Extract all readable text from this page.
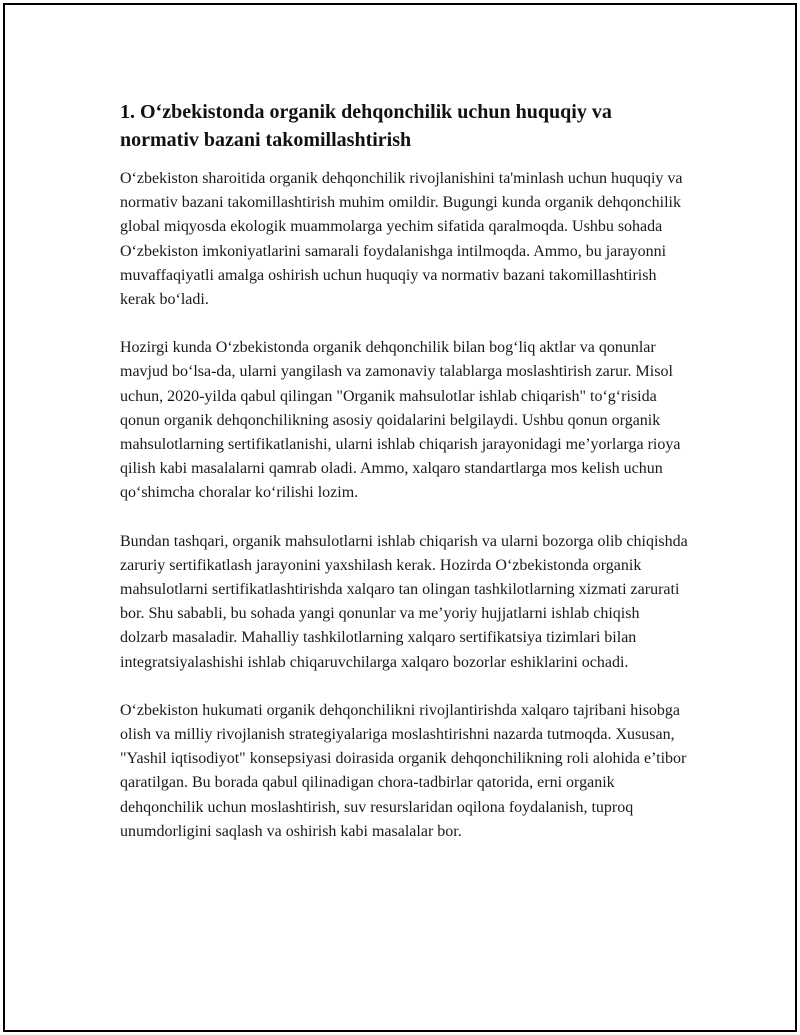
1. O‘zbekistonda organik dehqonchilik uchun huquqiy va normativ bazani takomillashtirish

O‘zbekiston sharoitida organik dehqonchilik rivojlanishini ta'minlash uchun huquqiy va normativ bazani takomillashtirish muhim omildir. Bugungi kunda organik dehqonchilik global miqyosda ekologik muammolarga yechim sifatida qaralmoqda. Ushbu sohada O‘zbekiston imkoniyatlarini samarali foydalanishga intilmoqda. Ammo, bu jarayonni muvaffaqiyatli amalga oshirish uchun huquqiy va normativ bazani takomillashtirish kerak bo‘ladi.

Hozirgi kunda O‘zbekistonda organik dehqonchilik bilan bog‘liq aktlar va qonunlar mavjud bo‘lsa-da, ularni yangilash va zamonaviy talablarga moslashtirish zarur. Misol uchun, 2020-yilda qabul qilingan "Organik mahsulotlar ishlab chiqarish" to‘g‘risida qonun organik dehqonchilikning asosiy qoidalarini belgilaydi. Ushbu qonun organik mahsulotlarning sertifikatlanishi, ularni ishlab chiqarish jarayonidagi me’yorlarga rioya qilish kabi masalalarni qamrab oladi. Ammo, xalqaro standartlarga mos kelish uchun qo‘shimcha choralar ko‘rilishi lozim.

Bundan tashqari, organik mahsulotlarni ishlab chiqarish va ularni bozorga olib chiqishda zaruriy sertifikatlash jarayonini yaxshilash kerak. Hozirda O‘zbekistonda organik mahsulotlarni sertifikatlashtirishda xalqaro tan olingan tashkilotlarning xizmati zarurati bor. Shu sababli, bu sohada yangi qonunlar va me’yoriy hujjatlarni ishlab chiqish dolzarb masaladir. Mahalliy tashkilotlarning xalqaro sertifikatsiya tizimlari bilan integratsiyalashishi ishlab chiqaruvchilarga xalqaro bozorlar eshiklarini ochadi.

O‘zbekiston hukumati organik dehqonchilikni rivojlantirishda xalqaro tajribani hisobga olish va milliy rivojlanish strategiyalariga moslashtirishni nazarda tutmoqda. Xususan, "Yashil iqtisodiyot" konsepsiyasi doirasida organik dehqonchilikning roli alohida e’tibor qaratilgan. Bu borada qabul qilinadigan chora-tadbirlar qatorida, erni organik dehqonchilik uchun moslashtirish, suv resurslaridan oqilona foydalanish, tuproq unumdorligini saqlash va oshirish kabi masalalar bor.
